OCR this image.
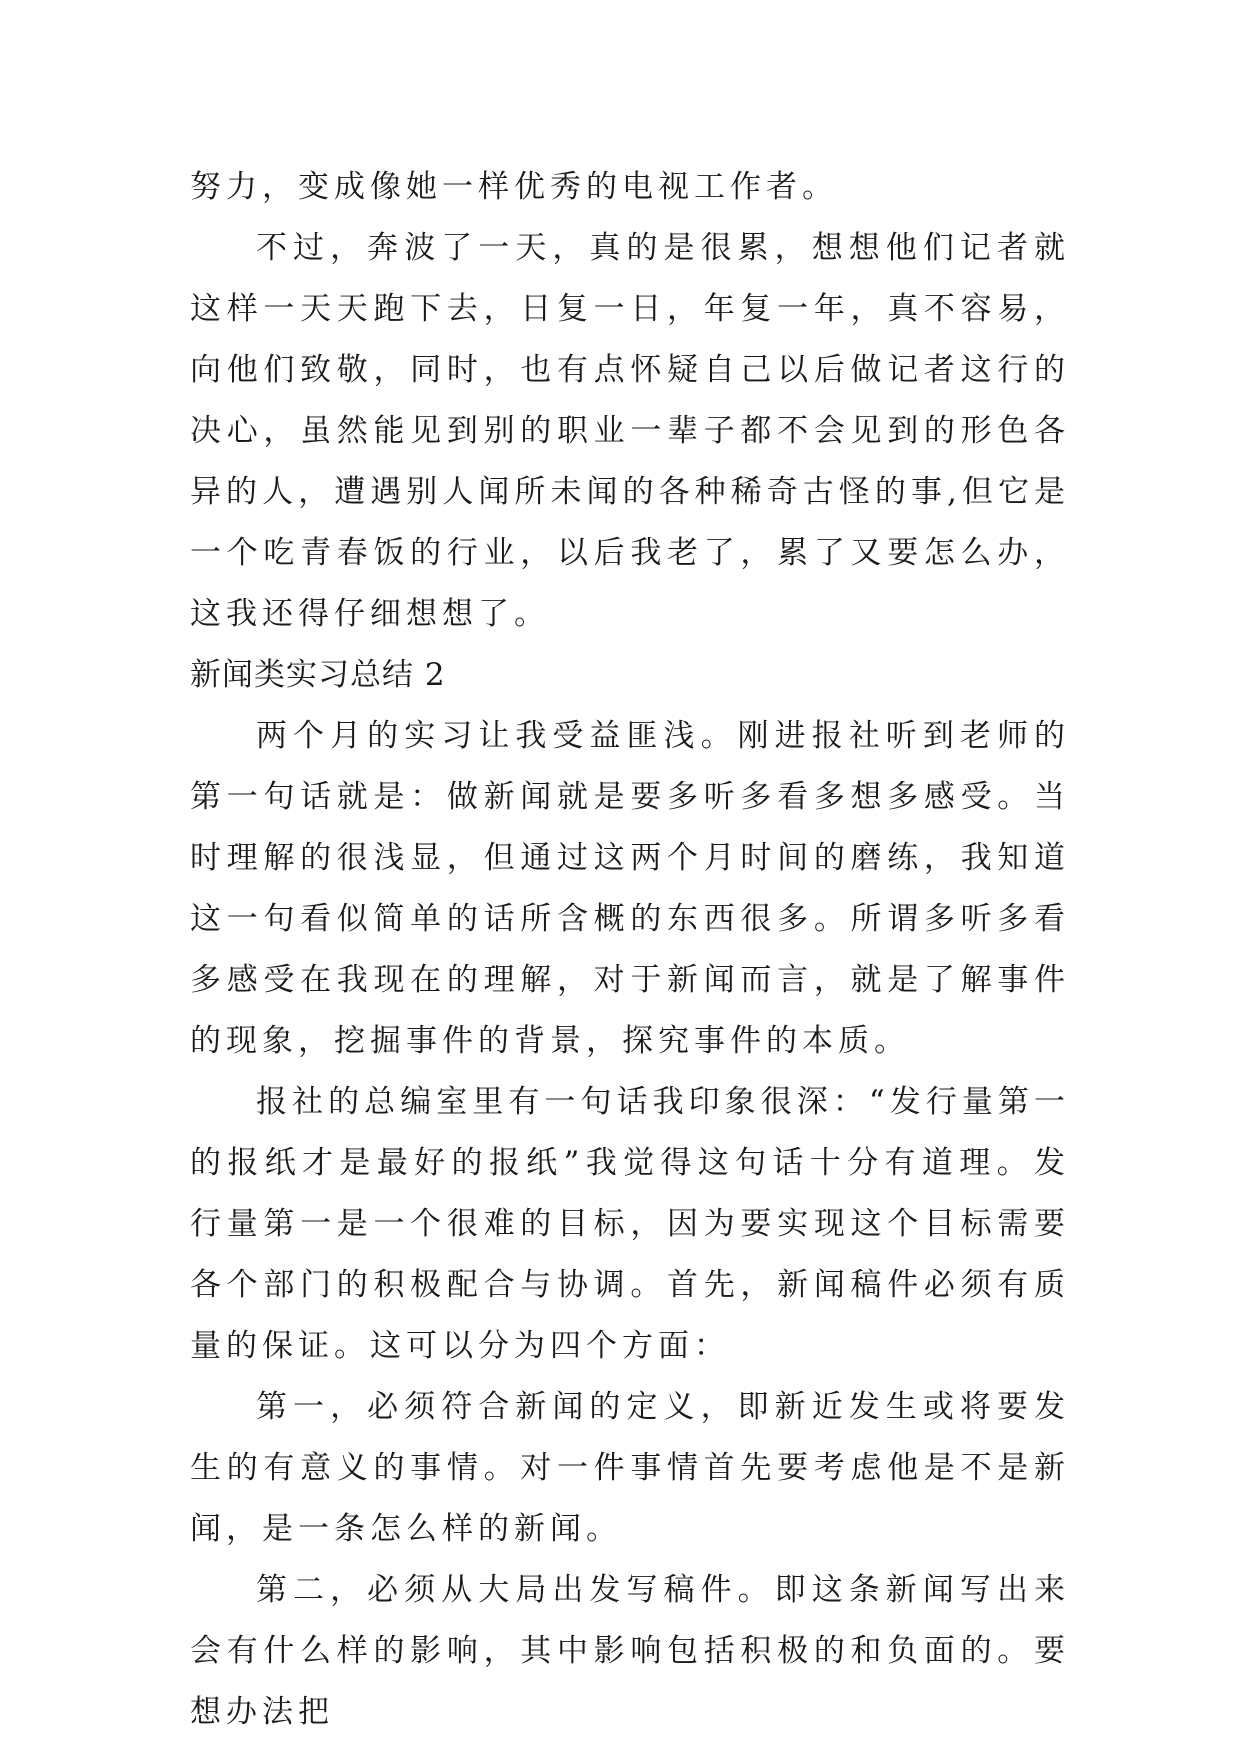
努力，变成像她一样优秀的电视工作者。

不过，奔波了一天，真的是很累，想想他们记者就这样一天天跑下去，日复一日，年复一年，真不容易，向他们致敬，同时，也有点怀疑自己以后做记者这行的决心，虽然能见到别的职业一辈子都不会见到的形色各异的人，遭遇别人闻所未闻的各种稀奇古怪的事,但它是一个吃青春饭的行业，以后我老了，累了又要怎么办，这我还得仔细想想了。

新闻类实习总结 2

两个月的实习让我受益匪浅。刚进报社听到老师的第一句话就是：做新闻就是要多听多看多想多感受。当时理解的很浅显，但通过这两个月时间的磨练，我知道这一句看似简单的话所含概的东西很多。所谓多听多看多感受在我现在的理解，对于新闻而言，就是了解事件的现象，挖掘事件的背景，探究事件的本质。

报社的总编室里有一句话我印象很深：“发行量第一的报纸才是最好的报纸”我觉得这句话十分有道理。发行量第一是一个很难的目标，因为要实现这个目标需要各个部门的积极配合与协调。首先，新闻稿件必须有质量的保证。这可以分为四个方面：

第一，必须符合新闻的定义，即新近发生或将要发生的有意义的事情。对一件事情首先要考虑他是不是新闻，是一条怎么样的新闻。

第二，必须从大局出发写稿件。即这条新闻写出来会有什么样的影响，其中影响包括积极的和负面的。要想办法把
